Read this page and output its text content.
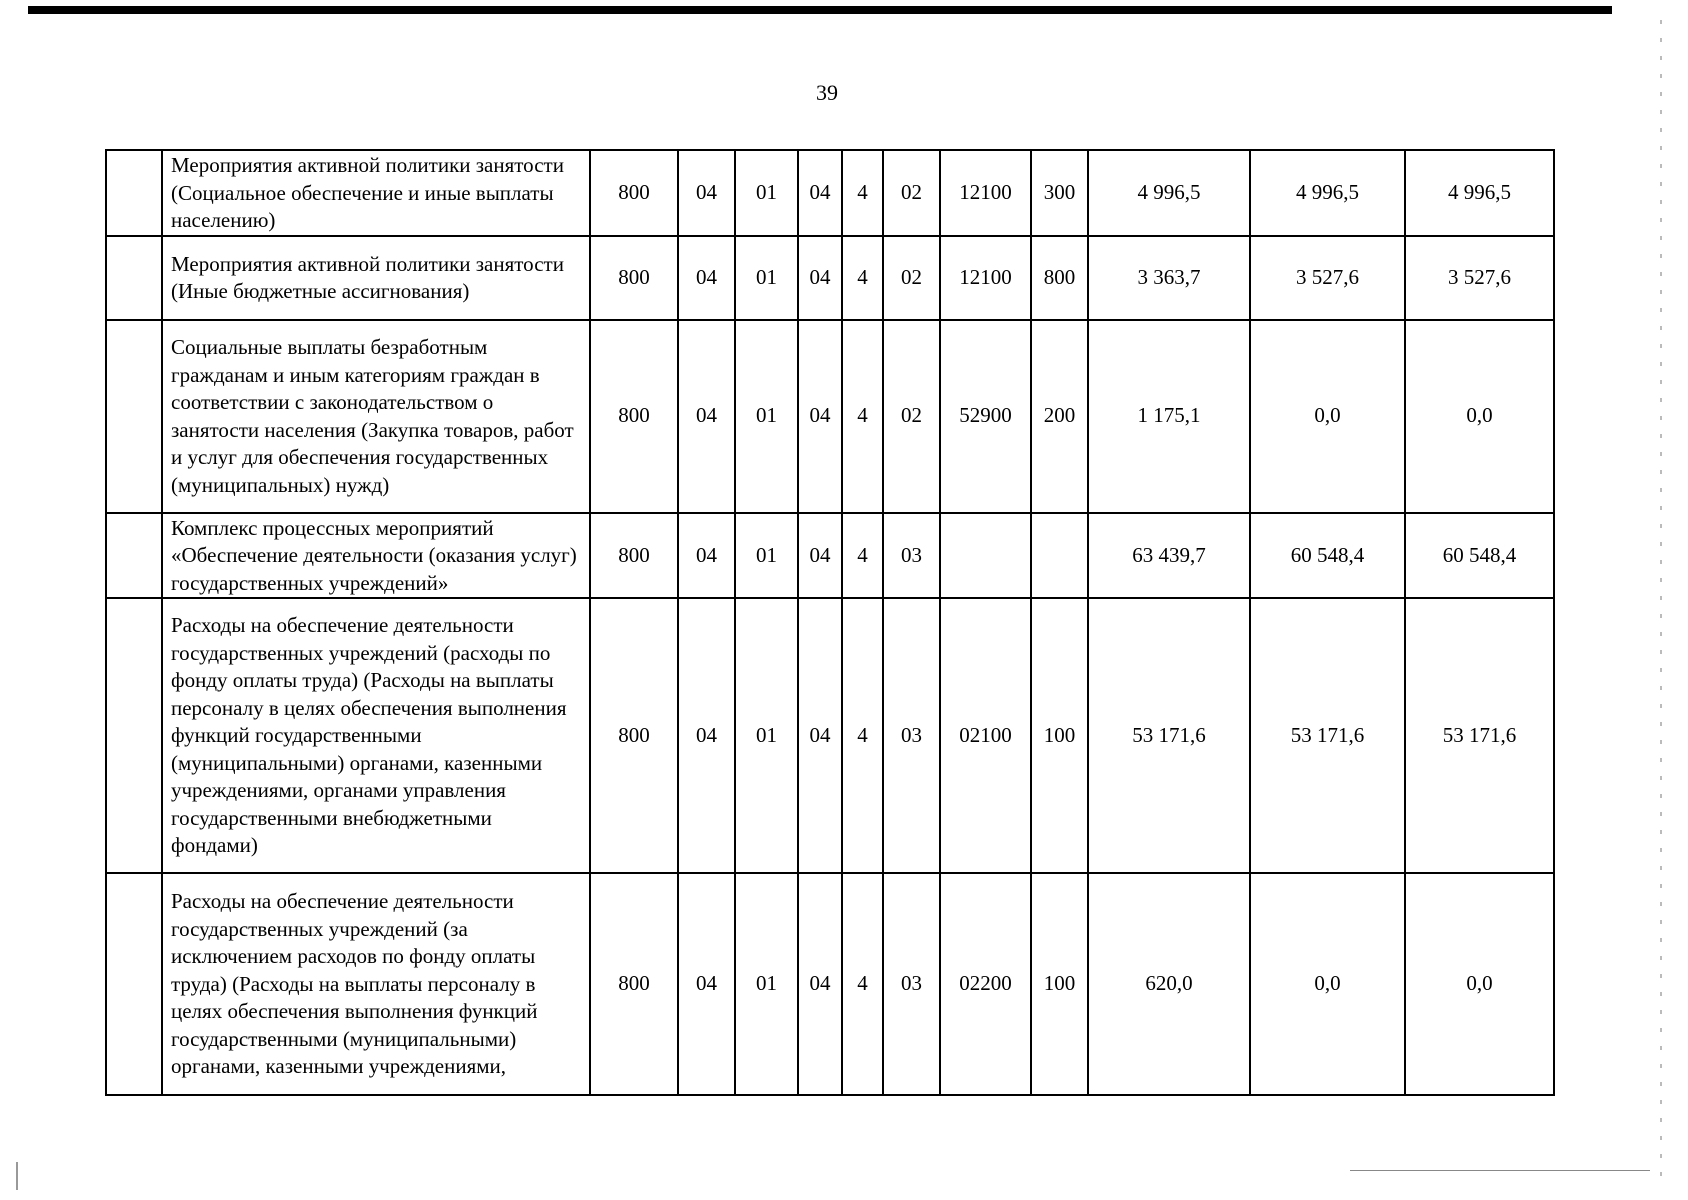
39
	Мероприятия активной политики занятости (Социальное обеспечение и иные выплаты населению)	800	04	01	04	4	02	12100	300	4 996,5	4 996,5	4 996,5
	Мероприятия активной политики занятости (Иные бюджетные ассигнования)	800	04	01	04	4	02	12100	800	3 363,7	3 527,6	3 527,6
	Социальные выплаты безработным гражданам и иным категориям граждан в соответствии с законодательством о занятости населения (Закупка товаров, работ и услуг для обеспечения государственных (муниципальных) нужд)	800	04	01	04	4	02	52900	200	1 175,1	0,0	0,0
	Комплекс процессных мероприятий «Обеспечение деятельности (оказания услуг) государственных учреждений»	800	04	01	04	4	03			63 439,7	60 548,4	60 548,4
	Расходы на обеспечение деятельности государственных учреждений (расходы по фонду оплаты труда) (Расходы на выплаты персоналу в целях обеспечения выполнения функций государственными (муниципальными) органами, казенными учреждениями, органами управления государственными внебюджетными фондами)	800	04	01	04	4	03	02100	100	53 171,6	53 171,6	53 171,6
	Расходы на обеспечение деятельности государственных учреждений (за исключением расходов по фонду оплаты труда) (Расходы на выплаты персоналу в целях обеспечения выполнения функций государственными (муниципальными) органами, казенными учреждениями,	800	04	01	04	4	03	02200	100	620,0	0,0	0,0
